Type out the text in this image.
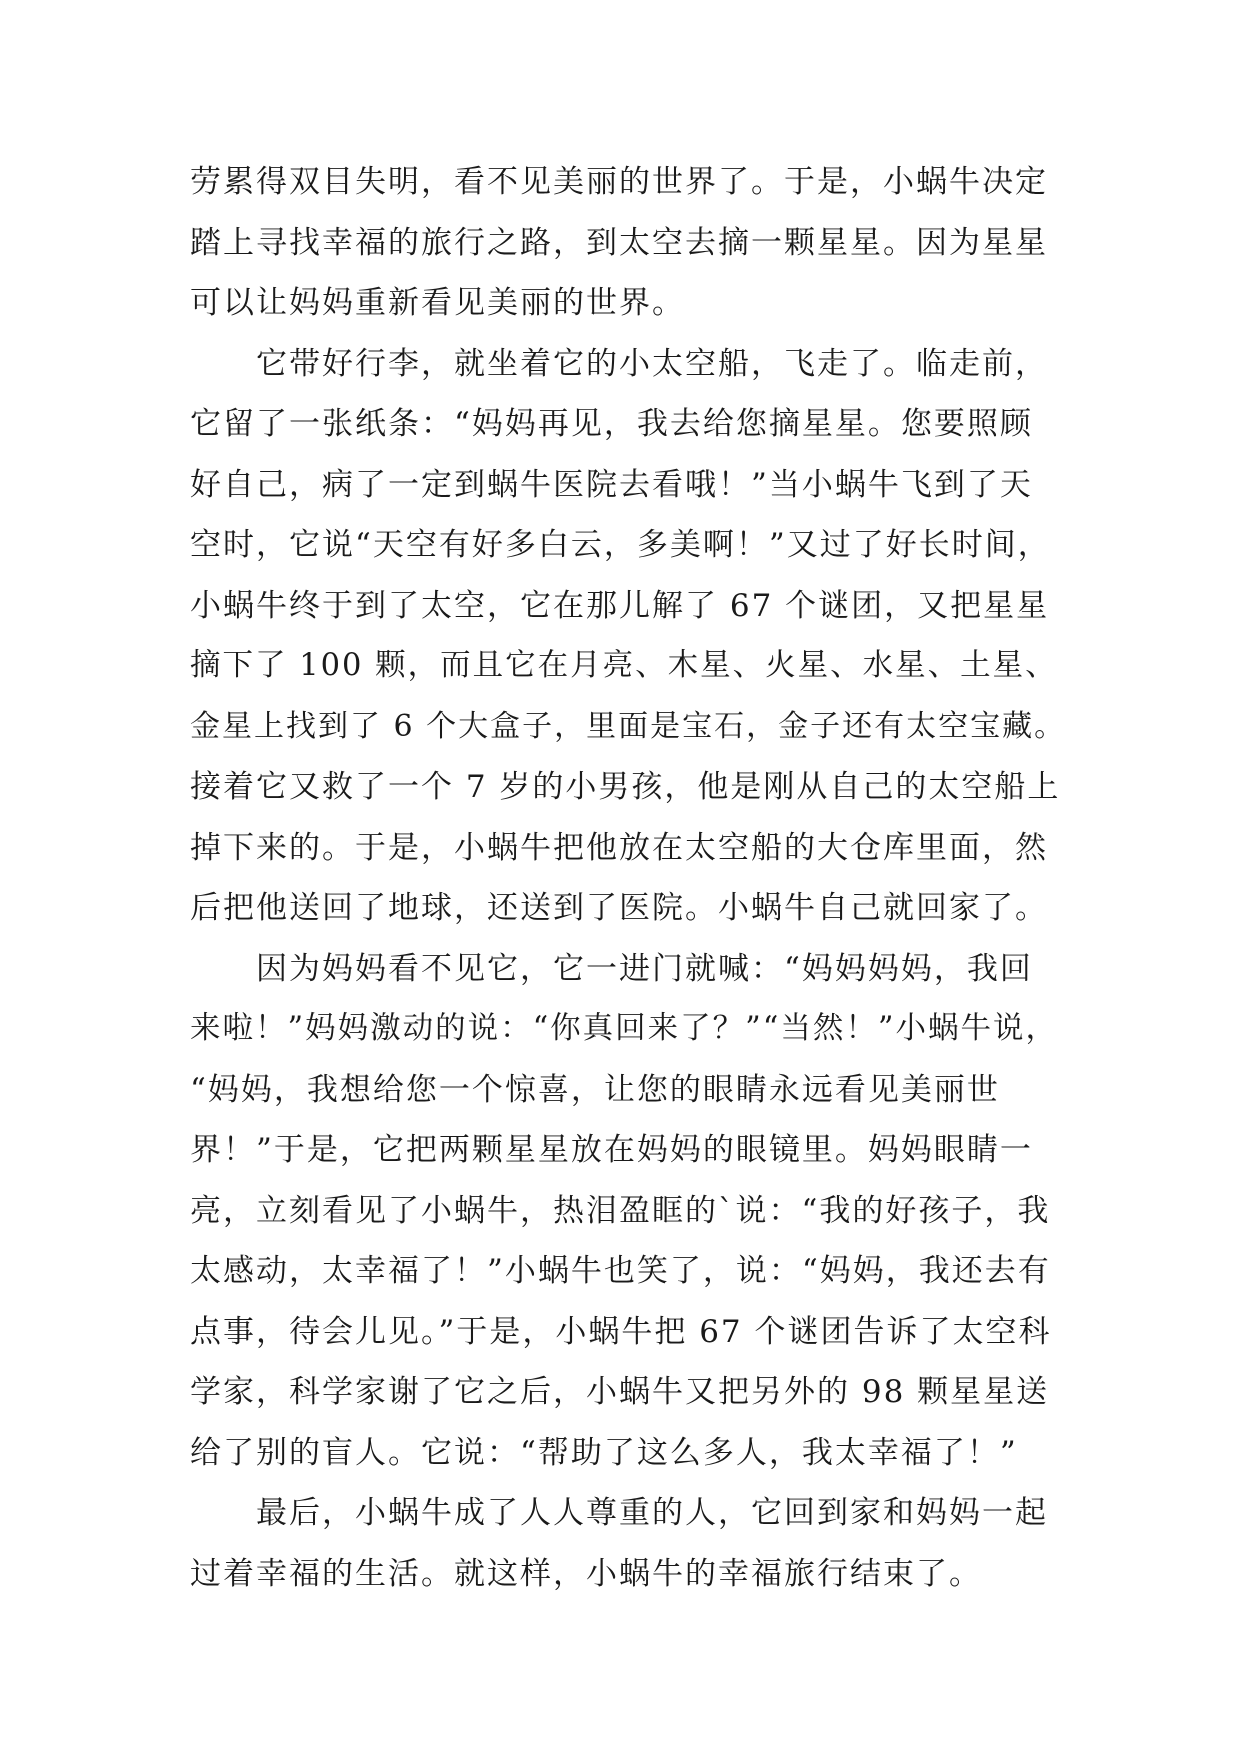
劳累得双目失明，看不见美丽的世界了。于是，小蜗牛决定
踏上寻找幸福的旅行之路，到太空去摘一颗星星。因为星星
可以让妈妈重新看见美丽的世界。
它带好行李，就坐着它的小太空船，飞走了。临走前，
它留了一张纸条：“妈妈再见，我去给您摘星星。您要照顾
好自己，病了一定到蜗牛医院去看哦！”当小蜗牛飞到了天
空时，它说“天空有好多白云，多美啊！”又过了好长时间，
小蜗牛终于到了太空，它在那儿解了 67 个谜团，又把星星
摘下了 100 颗，而且它在月亮、木星、火星、水星、土星、
金星上找到了 6 个大盒子，里面是宝石，金子还有太空宝藏。
接着它又救了一个 7 岁的小男孩，他是刚从自己的太空船上
掉下来的。于是，小蜗牛把他放在太空船的大仓库里面，然
后把他送回了地球，还送到了医院。小蜗牛自己就回家了。
因为妈妈看不见它，它一进门就喊：“妈妈妈妈，我回
来啦！”妈妈激动的说：“你真回来了？”“当然！”小蜗牛说，
“妈妈，我想给您一个惊喜，让您的眼睛永远看见美丽世
界！”于是，它把两颗星星放在妈妈的眼镜里。妈妈眼睛一
亮，立刻看见了小蜗牛，热泪盈眶的`说：“我的好孩子，我
太感动，太幸福了！”小蜗牛也笑了，说：“妈妈，我还去有
点事，待会儿见。”于是，小蜗牛把 67 个谜团告诉了太空科
学家，科学家谢了它之后，小蜗牛又把另外的 98 颗星星送
给了别的盲人。它说：“帮助了这么多人，我太幸福了！”
最后，小蜗牛成了人人尊重的人，它回到家和妈妈一起
过着幸福的生活。就这样，小蜗牛的幸福旅行结束了。
